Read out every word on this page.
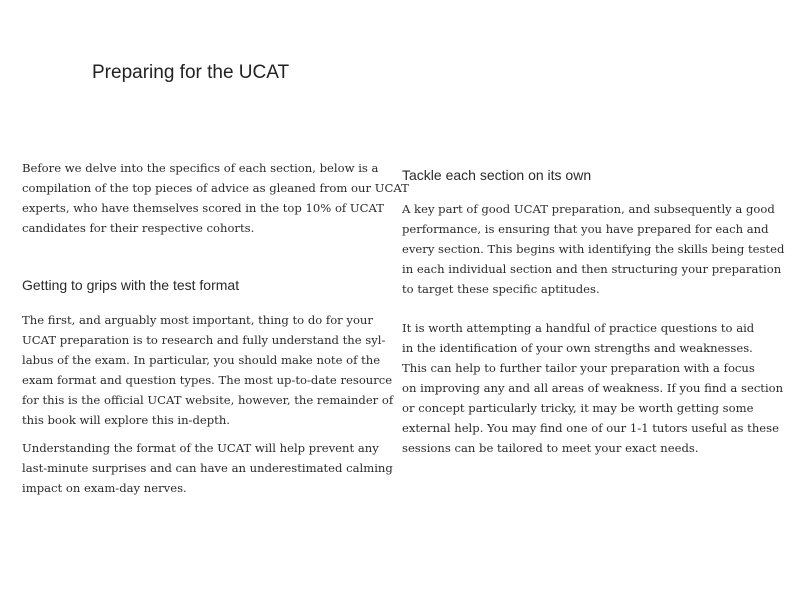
Preparing for the UCAT

Before we delve into the specifics of each section, below is a
compilation of the top pieces of advice as gleaned from our UCAT
experts, who have themselves scored in the top 10% of UCAT
candidates for their respective cohorts.

Getting to grips with the test format

The first, and arguably most important, thing to do for your
UCAT preparation is to research and fully understand the syl-
labus of the exam. In particular, you should make note of the
exam format and question types. The most up-to-date resource
for this is the official UCAT website, however, the remainder of
this book will explore this in-depth.

Understanding the format of the UCAT will help prevent any
last-minute surprises and can have an underestimated calming
impact on exam-day nerves.

Tackle each section on its own

A key part of good UCAT preparation, and subsequently a good
performance, is ensuring that you have prepared for each and
every section. This begins with identifying the skills being tested
in each individual section and then structuring your preparation
to target these specific aptitudes.

It is worth attempting a handful of practice questions to aid
in the identification of your own strengths and weaknesses.
This can help to further tailor your preparation with a focus
on improving any and all areas of weakness. If you find a section
or concept particularly tricky, it may be worth getting some
external help. You may find one of our 1-1 tutors useful as these
sessions can be tailored to meet your exact needs.
